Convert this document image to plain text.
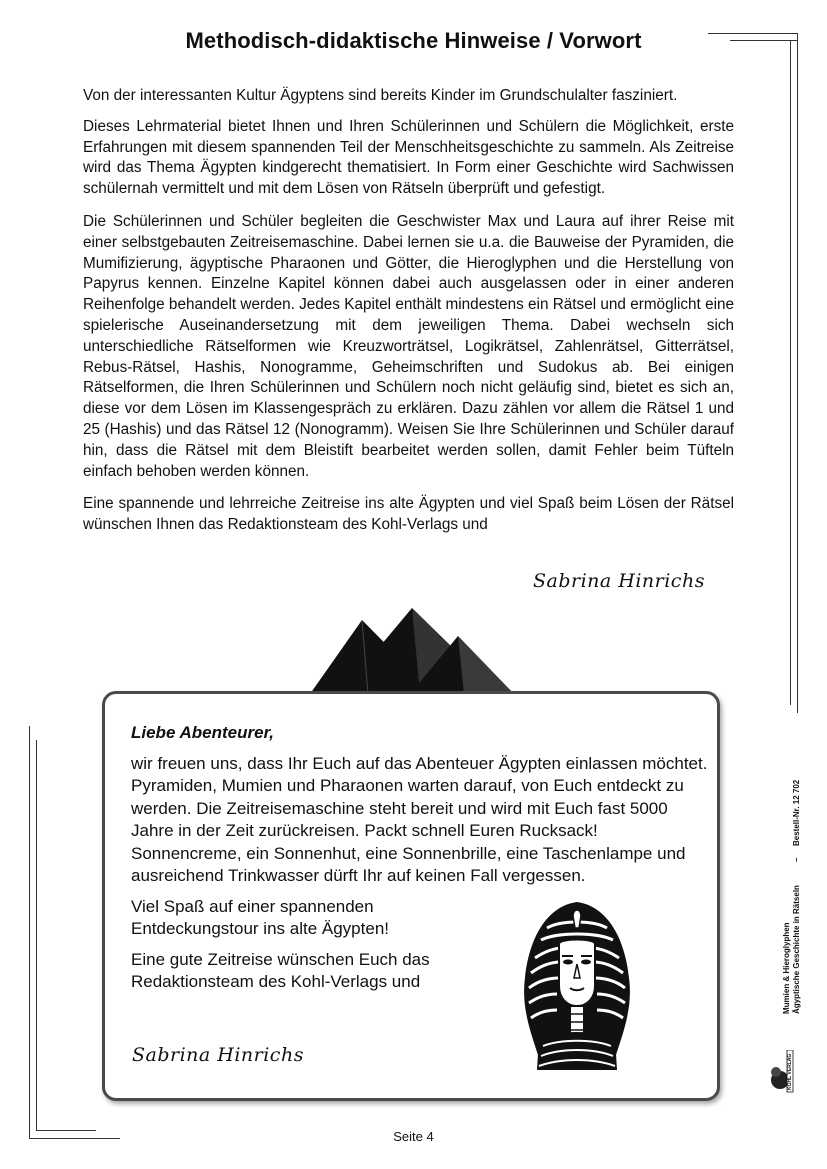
Methodisch-didaktische Hinweise / Vorwort

Von der interessanten Kultur Ägyptens sind bereits Kinder im Grundschulalter fasziniert.

Dieses Lehrmaterial bietet Ihnen und Ihren Schülerinnen und Schülern die Möglichkeit, erste Erfahrungen mit diesem spannenden Teil der Menschheitsgeschichte zu sammeln. Als Zeitreise wird das Thema Ägypten kindgerecht thematisiert. In Form einer Geschichte wird Sachwissen schülernah vermittelt und mit dem Lösen von Rätseln überprüft und gefestigt.

Die Schülerinnen und Schüler begleiten die Geschwister Max und Laura auf ihrer Reise mit einer selbstgebauten Zeitreisemaschine. Dabei lernen sie u.a. die Bauweise der Pyramiden, die Mumifizierung, ägyptische Pharaonen und Götter, die Hieroglyphen und die Herstellung von Papyrus kennen. Einzelne Kapitel können dabei auch ausgelassen oder in einer anderen Reihenfolge behandelt werden. Jedes Kapitel enthält mindestens ein Rätsel und ermöglicht eine spielerische Auseinandersetzung mit dem jeweiligen Thema. Dabei wechseln sich unterschiedliche Rätselformen wie Kreuzworträtsel, Logikrätsel, Zahlenrätsel, Gitterrätsel, Rebus-Rätsel, Hashis, Nonogramme, Geheimschriften und Sudokus ab. Bei einigen Rätselformen, die Ihren Schülerinnen und Schülern noch nicht geläufig sind, bietet es sich an, diese vor dem Lösen im Klassengespräch zu erklären. Dazu zählen vor allem die Rätsel 1 und 25 (Hashis) und das Rätsel 12 (Nonogramm). Weisen Sie Ihre Schülerinnen und Schüler darauf hin, dass die Rätsel mit dem Bleistift bearbeitet werden sollen, damit Fehler beim Tüfteln einfach behoben werden können.

Eine spannende und lehrreiche Zeitreise ins alte Ägypten und viel Spaß beim Lösen der Rätsel wünschen Ihnen das Redaktionsteam des Kohl-Verlags und

Sabrina Hinrichs

Liebe Abenteurer,

wir freuen uns, dass Ihr Euch auf das Abenteuer Ägypten einlassen möchtet. Pyramiden, Mumien und Pharaonen warten darauf, von Euch entdeckt zu werden. Die Zeitreisemaschine steht bereit und wird mit Euch fast 5000 Jahre in der Zeit zurückreisen. Packt schnell Euren Rucksack! Sonnencreme, ein Sonnenhut, eine Sonnenbrille, eine Taschenlampe und ausreichend Trinkwasser dürft Ihr auf keinen Fall vergessen.

Viel Spaß auf einer spannenden Entdeckungstour ins alte Ägypten!

Eine gute Zeitreise wünschen Euch das Redaktionsteam des Kohl-Verlags und

Sabrina Hinrichs
Mumien & Hieroglyphen Ägyptische Geschichte in Rätseln
–
Bestell-Nr. 12 702
KOHL VERLAG
Seite 4
